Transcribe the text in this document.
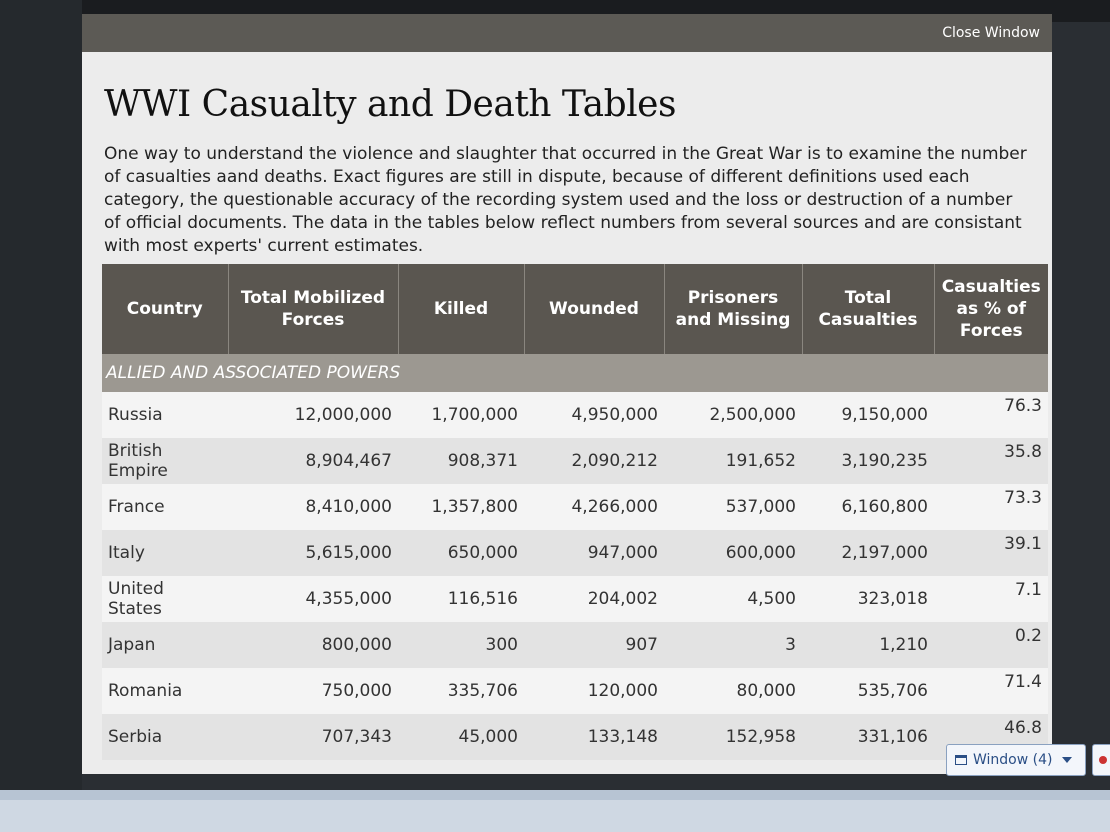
Close Window
WWI Casualty and Death Tables

One way to understand the violence and slaughter that occurred in the Great War is to examine the number of casualties aand deaths. Exact figures are still in dispute, because of different definitions used each category, the questionable accuracy of the recording system used and the loss or destruction of a number of official documents. The data in the tables below reflect numbers from several sources and are consistant with most experts' current estimates.

Country	Total Mobilized Forces	Killed	Wounded	Prisoners and Missing	Total Casualties	Casualties as % of Forces
ALLIED AND ASSOCIATED POWERS						
Russia	12,000,000	1,700,000	4,950,000	2,500,000	9,150,000	76.3
British Empire	8,904,467	908,371	2,090,212	191,652	3,190,235	35.8
France	8,410,000	1,357,800	4,266,000	537,000	6,160,800	73.3
Italy	5,615,000	650,000	947,000	600,000	2,197,000	39.1
United States	4,355,000	116,516	204,002	4,500	323,018	7.1
Japan	800,000	300	907	3	1,210	0.2
Romania	750,000	335,706	120,000	80,000	535,706	71.4
Serbia	707,343	45,000	133,148	152,958	331,106	46.8
Window (4)
